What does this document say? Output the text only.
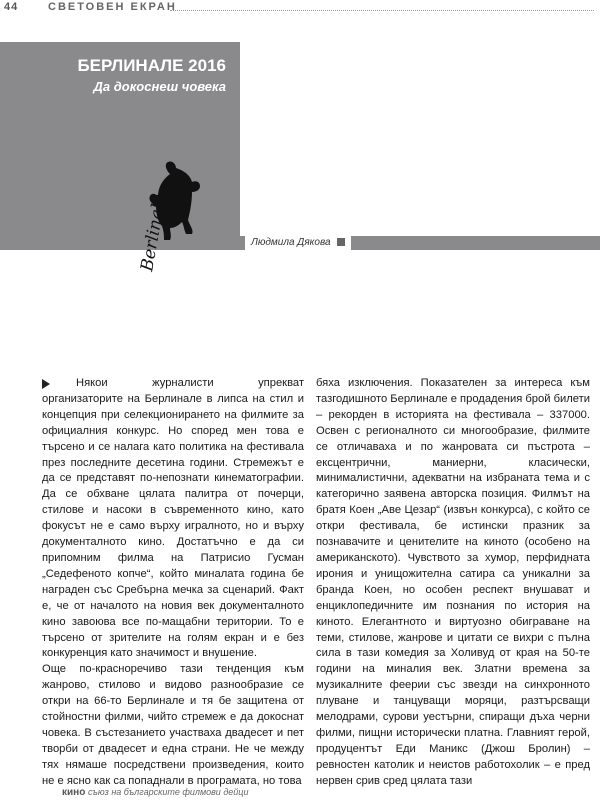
44	СВЕТОВЕН ЕКРАН
БЕРЛИНАЛЕ 2016
Да докоснеш човека
Berlinale	Людмила Дякова

Някои журналисти упрекват организаторите на Берлинале в липса на стил и концепция при селекционирането на филмите за официалния конкурс. Но според мен това е търсено и се налага като политика на фестивала през последните десетина години. Стремежът е да се представят по-непознати кинематографии. Да се обхване цялата палитра от почерци, стилове и насоки в съвременното кино, като фокусът не е само върху игралното, но и върху документалното кино. Достатъчно е да си припомним филма на Патрисио Гусман „Седефеното копче“, който миналата година бе награден със Сребърна мечка за сценарий. Факт е, че от началото на новия век документалното кино завоюва все по-мащабни територии. То е търсено от зрителите на голям екран и е без конкуренция като значимост и внушение.

Още по-красноречиво тази тенденция към жанрово, стилово и видово разнообразие се откри на 66-то Берлинале и тя бе защитена от стойностни филми, чийто стремеж е да докоснат човека. В състезанието участваха двадесет и пет творби от двадесет и една страни. Не че между тях нямаше посредствени произведения, които не е ясно как са попаднали в програмата, но това

бяха изключения. Показателен за интереса към тазгодишното Берлинале е продадения брой билети – рекорден в историята на фестивала – 337000. Освен с регионалното си многообразие, филмите се отличаваха и по жанровата си пъстрота – ексцентрични, маниерни, класически, минималистични, адекватни на избраната тема и с категорично заявена авторска позиция. Филмът на братя Коен „Аве Цезар“ (извън конкурса), с който се откри фестивала, бе истински празник за познавачите и ценителите на киното (особено на американското). Чувството за хумор, перфидната ирония и унищожителна сатира са уникални за бранда Коен, но особен респект внушават и енциклопедичните им познания по история на киното. Елегантното и виртуозно обиграване на теми, стилове, жанрове и цитати се вихри с пълна сила в тази комедия за Холивуд от края на 50-те години на миналия век. Златни времена за музикалните феерии със звезди на синхронното плуване и танцуващи моряци, разтърсващи мелодрами, сурови уестърни, спиращи дъха черни филми, пищни исторически платна. Главният герой, продуцентът Еди Маникс (Джош Бролин) – ревностен католик и неистов работохолик – е пред нервен срив сред цялата тази

кино съюз на българските филмови дейци
